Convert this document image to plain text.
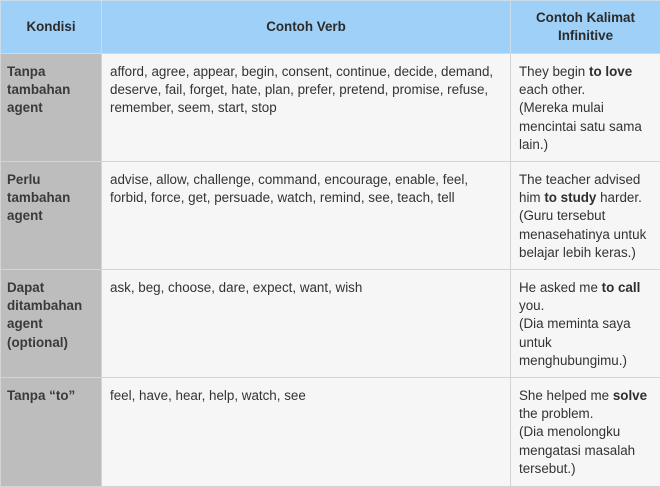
Kondisi	Contoh Verb	Contoh Kalimat Infinitive
Tanpa tambahan agent	afford, agree, appear, begin, consent, continue, decide, demand, deserve, fail, forget, hate, plan, prefer, pretend, promise, refuse, remember, seem, start, stop	They begin to love each other.
(Mereka mulai mencintai satu sama lain.)

Perlu tambahan agent	advise, allow, challenge, command, encourage, enable, feel, forbid, force, get, persuade, watch, remind, see, teach, tell	The teacher advised him to study harder.
(Guru tersebut menasehatinya untuk belajar lebih keras.)

Dapat ditambahan agent (optional)	ask, beg, choose, dare, expect, want, wish	He asked me to call you.
(Dia meminta saya untuk menghubungimu.)

Tanpa “to”	feel, have, hear, help, watch, see	She helped me solve the problem.
(Dia menolongku mengatasi masalah tersebut.)
